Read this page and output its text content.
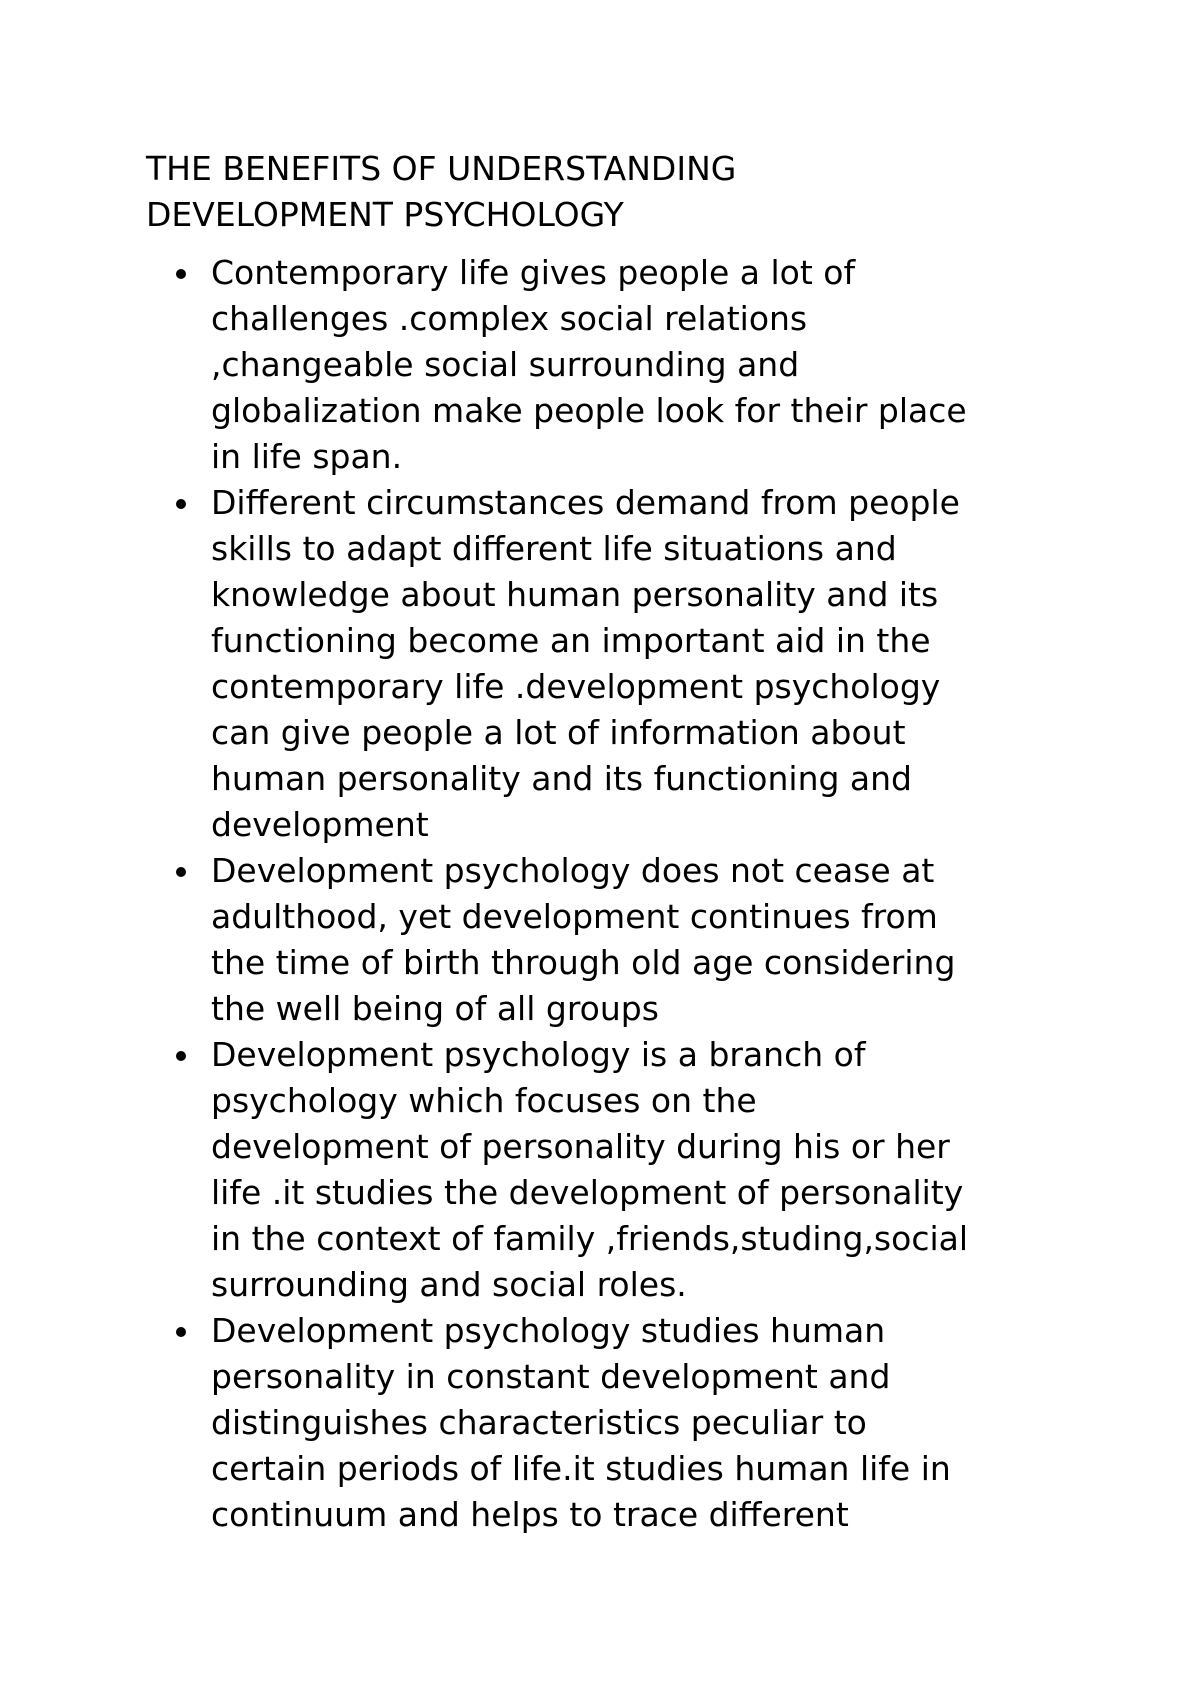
THE BENEFITS OF UNDERSTANDING
DEVELOPMENT PSYCHOLOGY
Contemporary life gives people a lot of
challenges .complex social relations
,changeable social surrounding and
globalization make people look for their place
in life span.
Different circumstances demand from people
skills to adapt different life situations and
knowledge about human personality and its
functioning become an important aid in the
contemporary life .development psychology
can give people a lot of information about
human personality and its functioning and
development
Development psychology does not cease at
adulthood, yet development continues from
the time of birth through old age considering
the well being of all groups
Development psychology is a branch of
psychology which focuses on the
development of personality during his or her
life .it studies the development of personality
in the context of family ,friends,studing,social
surrounding and social roles.
Development psychology studies human
personality in constant development and
distinguishes characteristics peculiar to
certain periods of life.it studies human life in
continuum and helps to trace different
